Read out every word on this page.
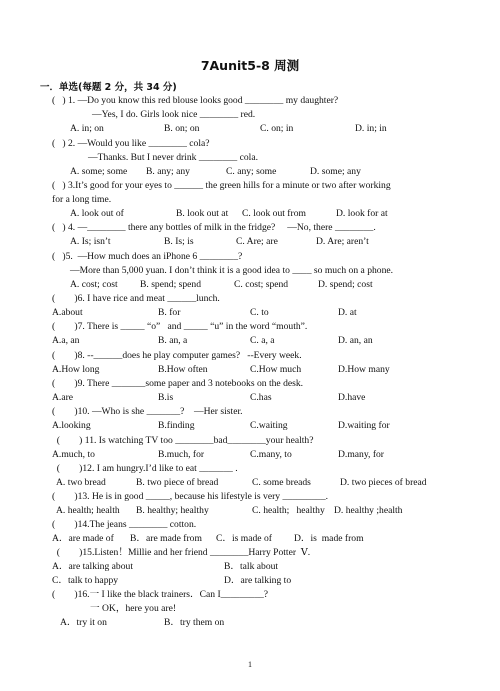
7Aunit5-8 周测
一．单选(每题 2 分，共 34 分)
(   ) 1. —Do you know this red blouse looks good ________ my daughter?
—Yes, I do. Girls look nice ________ red.
A. in; on	B. on; on	C. on; in	D. in; in
(   ) 2. —Would you like ________ cola?
—Thanks. But I never drink ________ cola.
A. some; some B. any; any	C. any; some	D. some; any
(   ) 3.It’s good for your eyes to ______ the green hills for a minute or two after working
for a long time.
A. look out of	B. look out at C. look out from	D. look for at
(   ) 4. —________ there any bottles of milk in the fridge?     —No, there ________.
A. Is; isn’t	B. Is; is	C. Are; are	D. Are; aren’t
(   )5.  —How much does an iPhone 6 ________?
—More than 5,000 yuan. I don’t think it is a good idea to ____ so much on a phone.
A. cost; cost B. spend; spend	C. cost; spend	D. spend; cost
(        )6. I have rice and meat ______lunch.
A.about	B. for	C. to	D. at
(        )7. There is _____ “o”   and _____ “u” in the word “mouth”.
A.a, an	B. an, a	C. a, a	D. an, an
(        )8. --______does he play computer games?   --Every week.
A.How long	B.How often	C.How much	D.How many
(        )9. There _______some paper and 3 notebooks on the desk.
A.are	B.is	C.has	D.have
(        )10. —Who is she _______?    —Her sister.
A.looking	B.finding	C.waiting	D.waiting for
(        ) 11. Is watching TV too ________bad________your health?
A.much, to	B.much, for	C.many, to	D.many, for
(        )12. I am hungry.I’d like to eat _______ .
A. two bread	B. two piece of bread	C. some breads	D. two pieces of bread
(        )13. He is in good _____, because his lifestyle is very _________.
A. health; health B. healthy; healthy	C. health;   healthy D. healthy ;health
(        )14.The jeans ________ cotton.
A．are made of B．are made from C．is made of D．is  made from
(        )15.Listen！Millie and her friend ________Harry Potter  Ⅴ.
A．are talking about	B．talk about
C．talk to happy	D．are talking to
(        )16.一 I like the black trainers．Can I_________?
一 OK，here you are!
A．try it on	B．try them on
1
